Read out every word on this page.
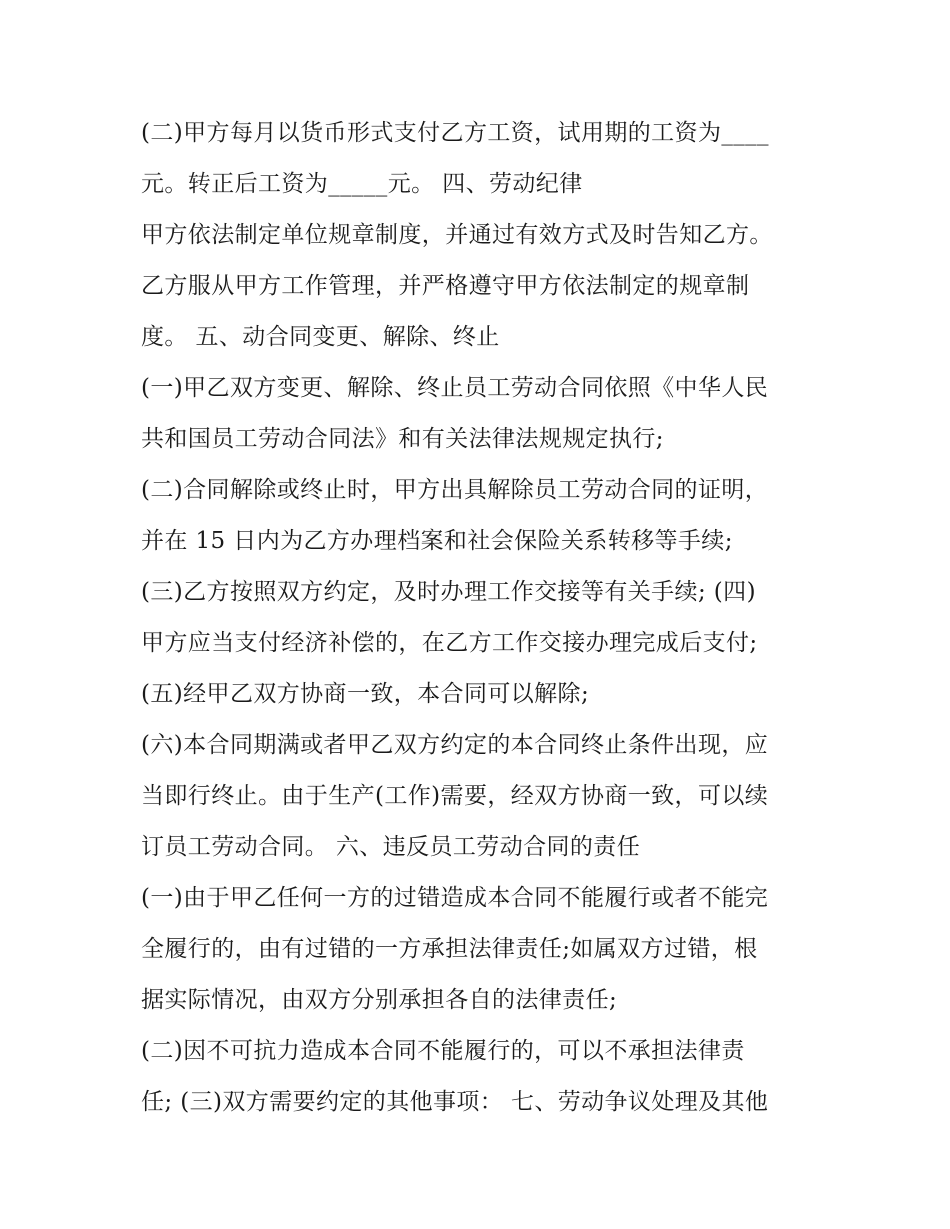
(二)甲方每月以货币形式支付乙方工资，试用期的工资为____
元。转正后工资为_____元。 四、劳动纪律
甲方依法制定单位规章制度，并通过有效方式及时告知乙方。
乙方服从甲方工作管理，并严格遵守甲方依法制定的规章制
度。 五、动合同变更、解除、终止
(一)甲乙双方变更、解除、终止员工劳动合同依照《中华人民
共和国员工劳动合同法》和有关法律法规规定执行;
(二)合同解除或终止时，甲方出具解除员工劳动合同的证明，
并在 15 日内为乙方办理档案和社会保险关系转移等手续;
(三)乙方按照双方约定，及时办理工作交接等有关手续; (四)
甲方应当支付经济补偿的，在乙方工作交接办理完成后支付;
(五)经甲乙双方协商一致，本合同可以解除;
(六)本合同期满或者甲乙双方约定的本合同终止条件出现，应
当即行终止。由于生产(工作)需要，经双方协商一致，可以续
订员工劳动合同。 六、违反员工劳动合同的责任
(一)由于甲乙任何一方的过错造成本合同不能履行或者不能完
全履行的，由有过错的一方承担法律责任;如属双方过错，根
据实际情况，由双方分别承担各自的法律责任;
(二)因不可抗力造成本合同不能履行的，可以不承担法律责
任; (三)双方需要约定的其他事项： 七、劳动争议处理及其他
